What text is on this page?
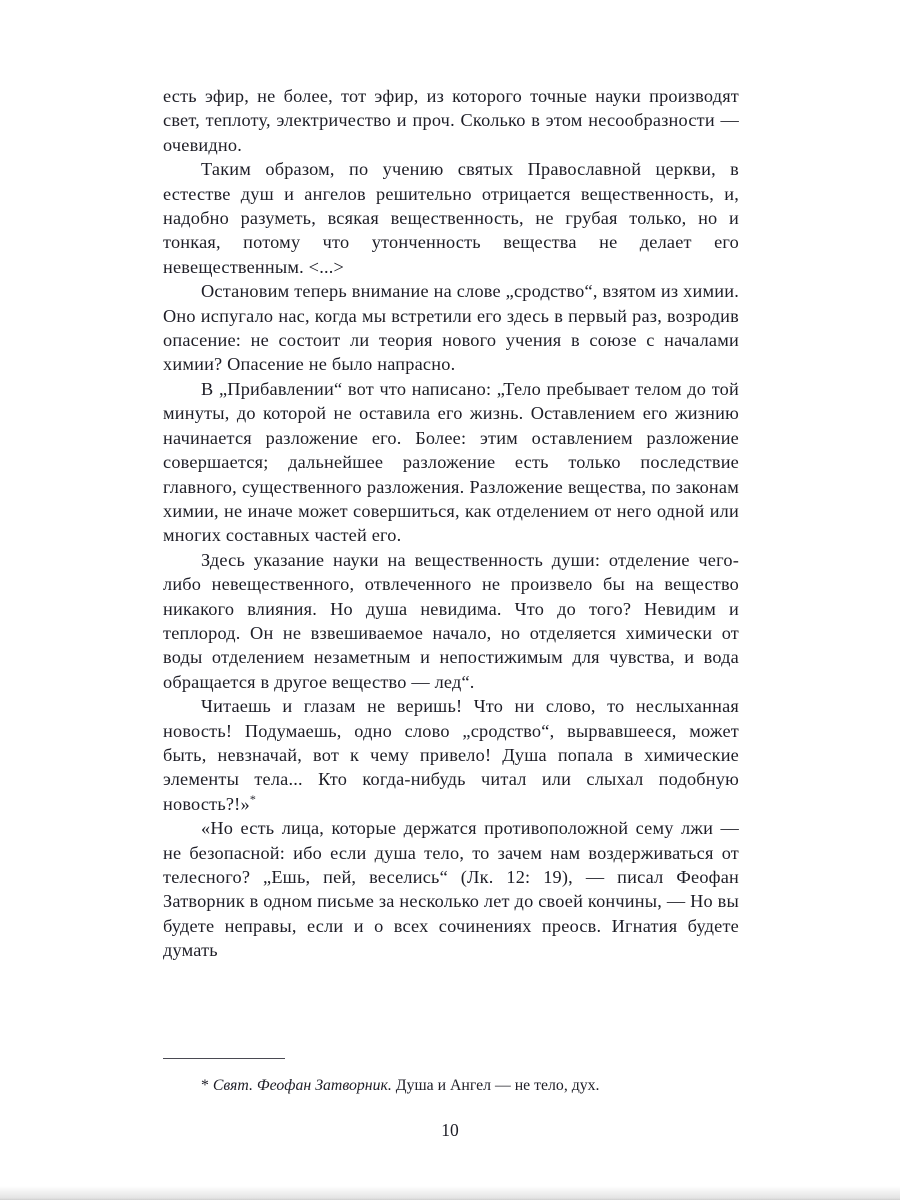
есть эфир, не более, тот эфир, из которого точные науки производят свет, теплоту, электричество и проч. Сколько в этом несообразности — очевидно.

Таким образом, по учению святых Православной церкви, в естестве душ и ангелов решительно отрицается вещественность, и, надобно разуметь, всякая вещественность, не грубая только, но и тонкая, потому что утонченность вещества не делает его невещественным. <...>

Остановим теперь внимание на слове „сродство“, взятом из химии. Оно испугало нас, когда мы встретили его здесь в первый раз, возродив опасение: не состоит ли теория нового учения в союзе с началами химии? Опасение не было напрасно.

В „Прибавлении“ вот что написано: „Тело пребывает телом до той минуты, до которой не оставила его жизнь. Оставлением его жизнию начинается разложение его. Более: этим оставлением разложение совершается; дальнейшее разложение есть только последствие главного, существенного разложения. Разложение вещества, по законам химии, не иначе может совершиться, как отделением от него одной или многих составных частей его.

Здесь указание науки на вещественность души: отделение чего-либо невещественного, отвлеченного не произвело бы на вещество никакого влияния. Но душа невидима. Что до того? Невидим и теплород. Он не взвешиваемое начало, но отделяется химически от воды отделением незаметным и непостижимым для чувства, и вода обращается в другое вещество — лед“.

Читаешь и глазам не веришь! Что ни слово, то неслыханная новость! Подумаешь, одно слово „сродство“, вырвавшееся, может быть, невзначай, вот к чему привело! Душа попала в химические элементы тела... Кто когда-нибудь читал или слыхал подобную новость?!»*

«Но есть лица, которые держатся противоположной сему лжи — не безопасной: ибо если душа тело, то зачем нам воздерживаться от телесного? „Ешь, пей, веселись“ (Лк. 12: 19), — писал Феофан Затворник в одном письме за несколько лет до своей кончины, — Но вы будете неправы, если и о всех сочинениях преосв. Игнатия будете думать

* Свят. Феофан Затворник. Душа и Ангел — не тело, дух.

10
